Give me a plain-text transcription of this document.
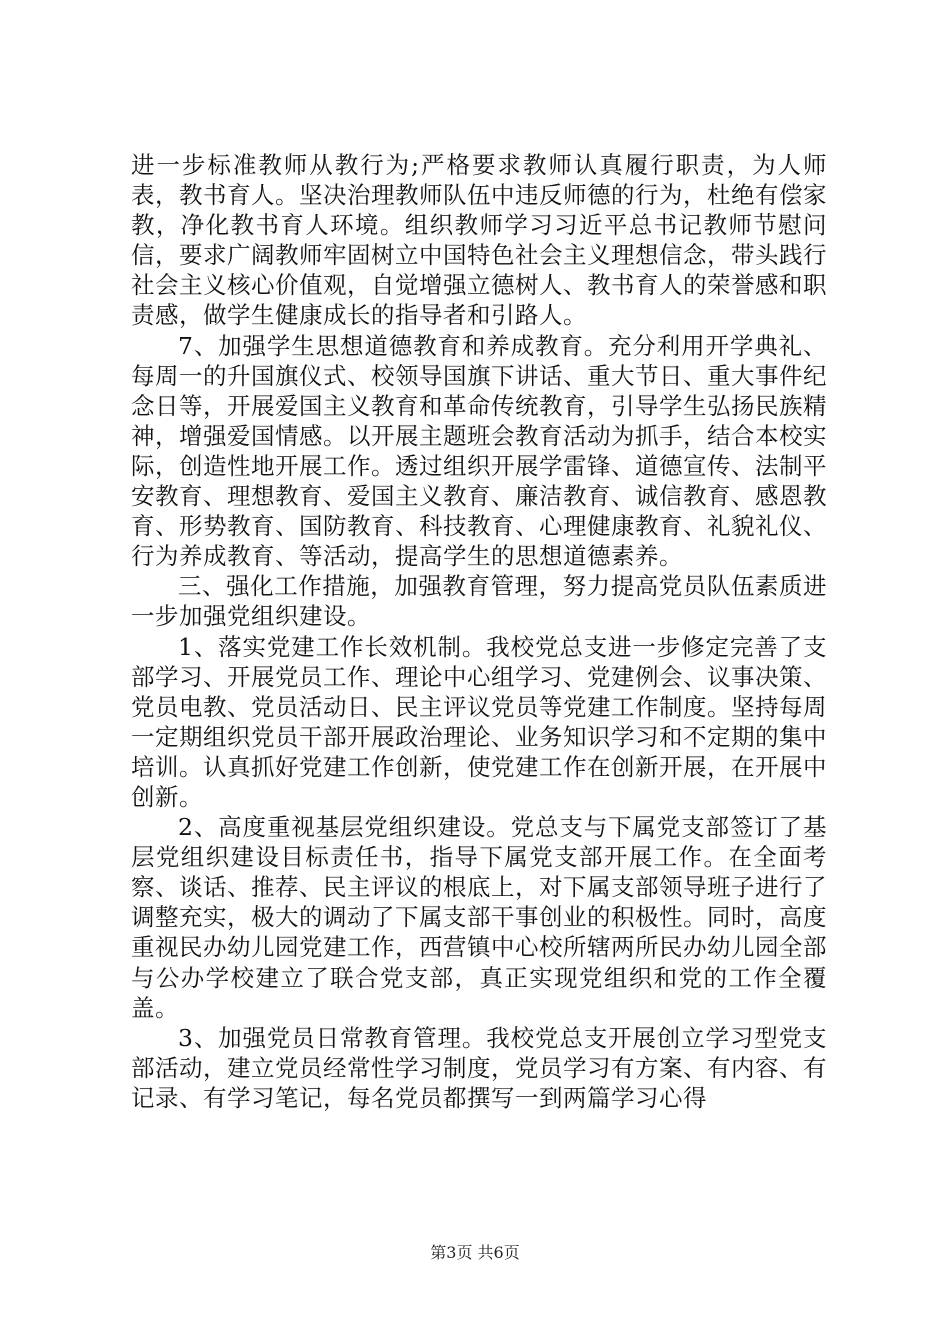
进一步标准教师从教行为;严格要求教师认真履行职责，为人师表，教书育人。坚决治理教师队伍中违反师德的行为，杜绝有偿家教，净化教书育人环境。组织教师学习习近平总书记教师节慰问信，要求广阔教师牢固树立中国特色社会主义理想信念，带头践行社会主义核心价值观，自觉增强立德树人、教书育人的荣誉感和职责感，做学生健康成长的指导者和引路人。

7、加强学生思想道德教育和养成教育。充分利用开学典礼、每周一的升国旗仪式、校领导国旗下讲话、重大节日、重大事件纪念日等，开展爱国主义教育和革命传统教育，引导学生弘扬民族精神，增强爱国情感。以开展主题班会教育活动为抓手，结合本校实际，创造性地开展工作。透过组织开展学雷锋、道德宣传、法制平安教育、理想教育、爱国主义教育、廉洁教育、诚信教育、感恩教育、形势教育、国防教育、科技教育、心理健康教育、礼貌礼仪、行为养成教育、等活动，提高学生的思想道德素养。

三、强化工作措施，加强教育管理，努力提高党员队伍素质进一步加强党组织建设。

1、落实党建工作长效机制。我校党总支进一步修定完善了支部学习、开展党员工作、理论中心组学习、党建例会、议事决策、党员电教、党员活动日、民主评议党员等党建工作制度。坚持每周一定期组织党员干部开展政治理论、业务知识学习和不定期的集中培训。认真抓好党建工作创新，使党建工作在创新开展，在开展中创新。

2、高度重视基层党组织建设。党总支与下属党支部签订了基层党组织建设目标责任书，指导下属党支部开展工作。在全面考察、谈话、推荐、民主评议的根底上，对下属支部领导班子进行了调整充实，极大的调动了下属支部干事创业的积极性。同时，高度重视民办幼儿园党建工作，西营镇中心校所辖两所民办幼儿园全部与公办学校建立了联合党支部，真正实现党组织和党的工作全覆盖。

3、加强党员日常教育管理。我校党总支开展创立学习型党支部活动，建立党员经常性学习制度，党员学习有方案、有内容、有记录、有学习笔记，每名党员都撰写一到两篇学习心得

第3页 共6页
